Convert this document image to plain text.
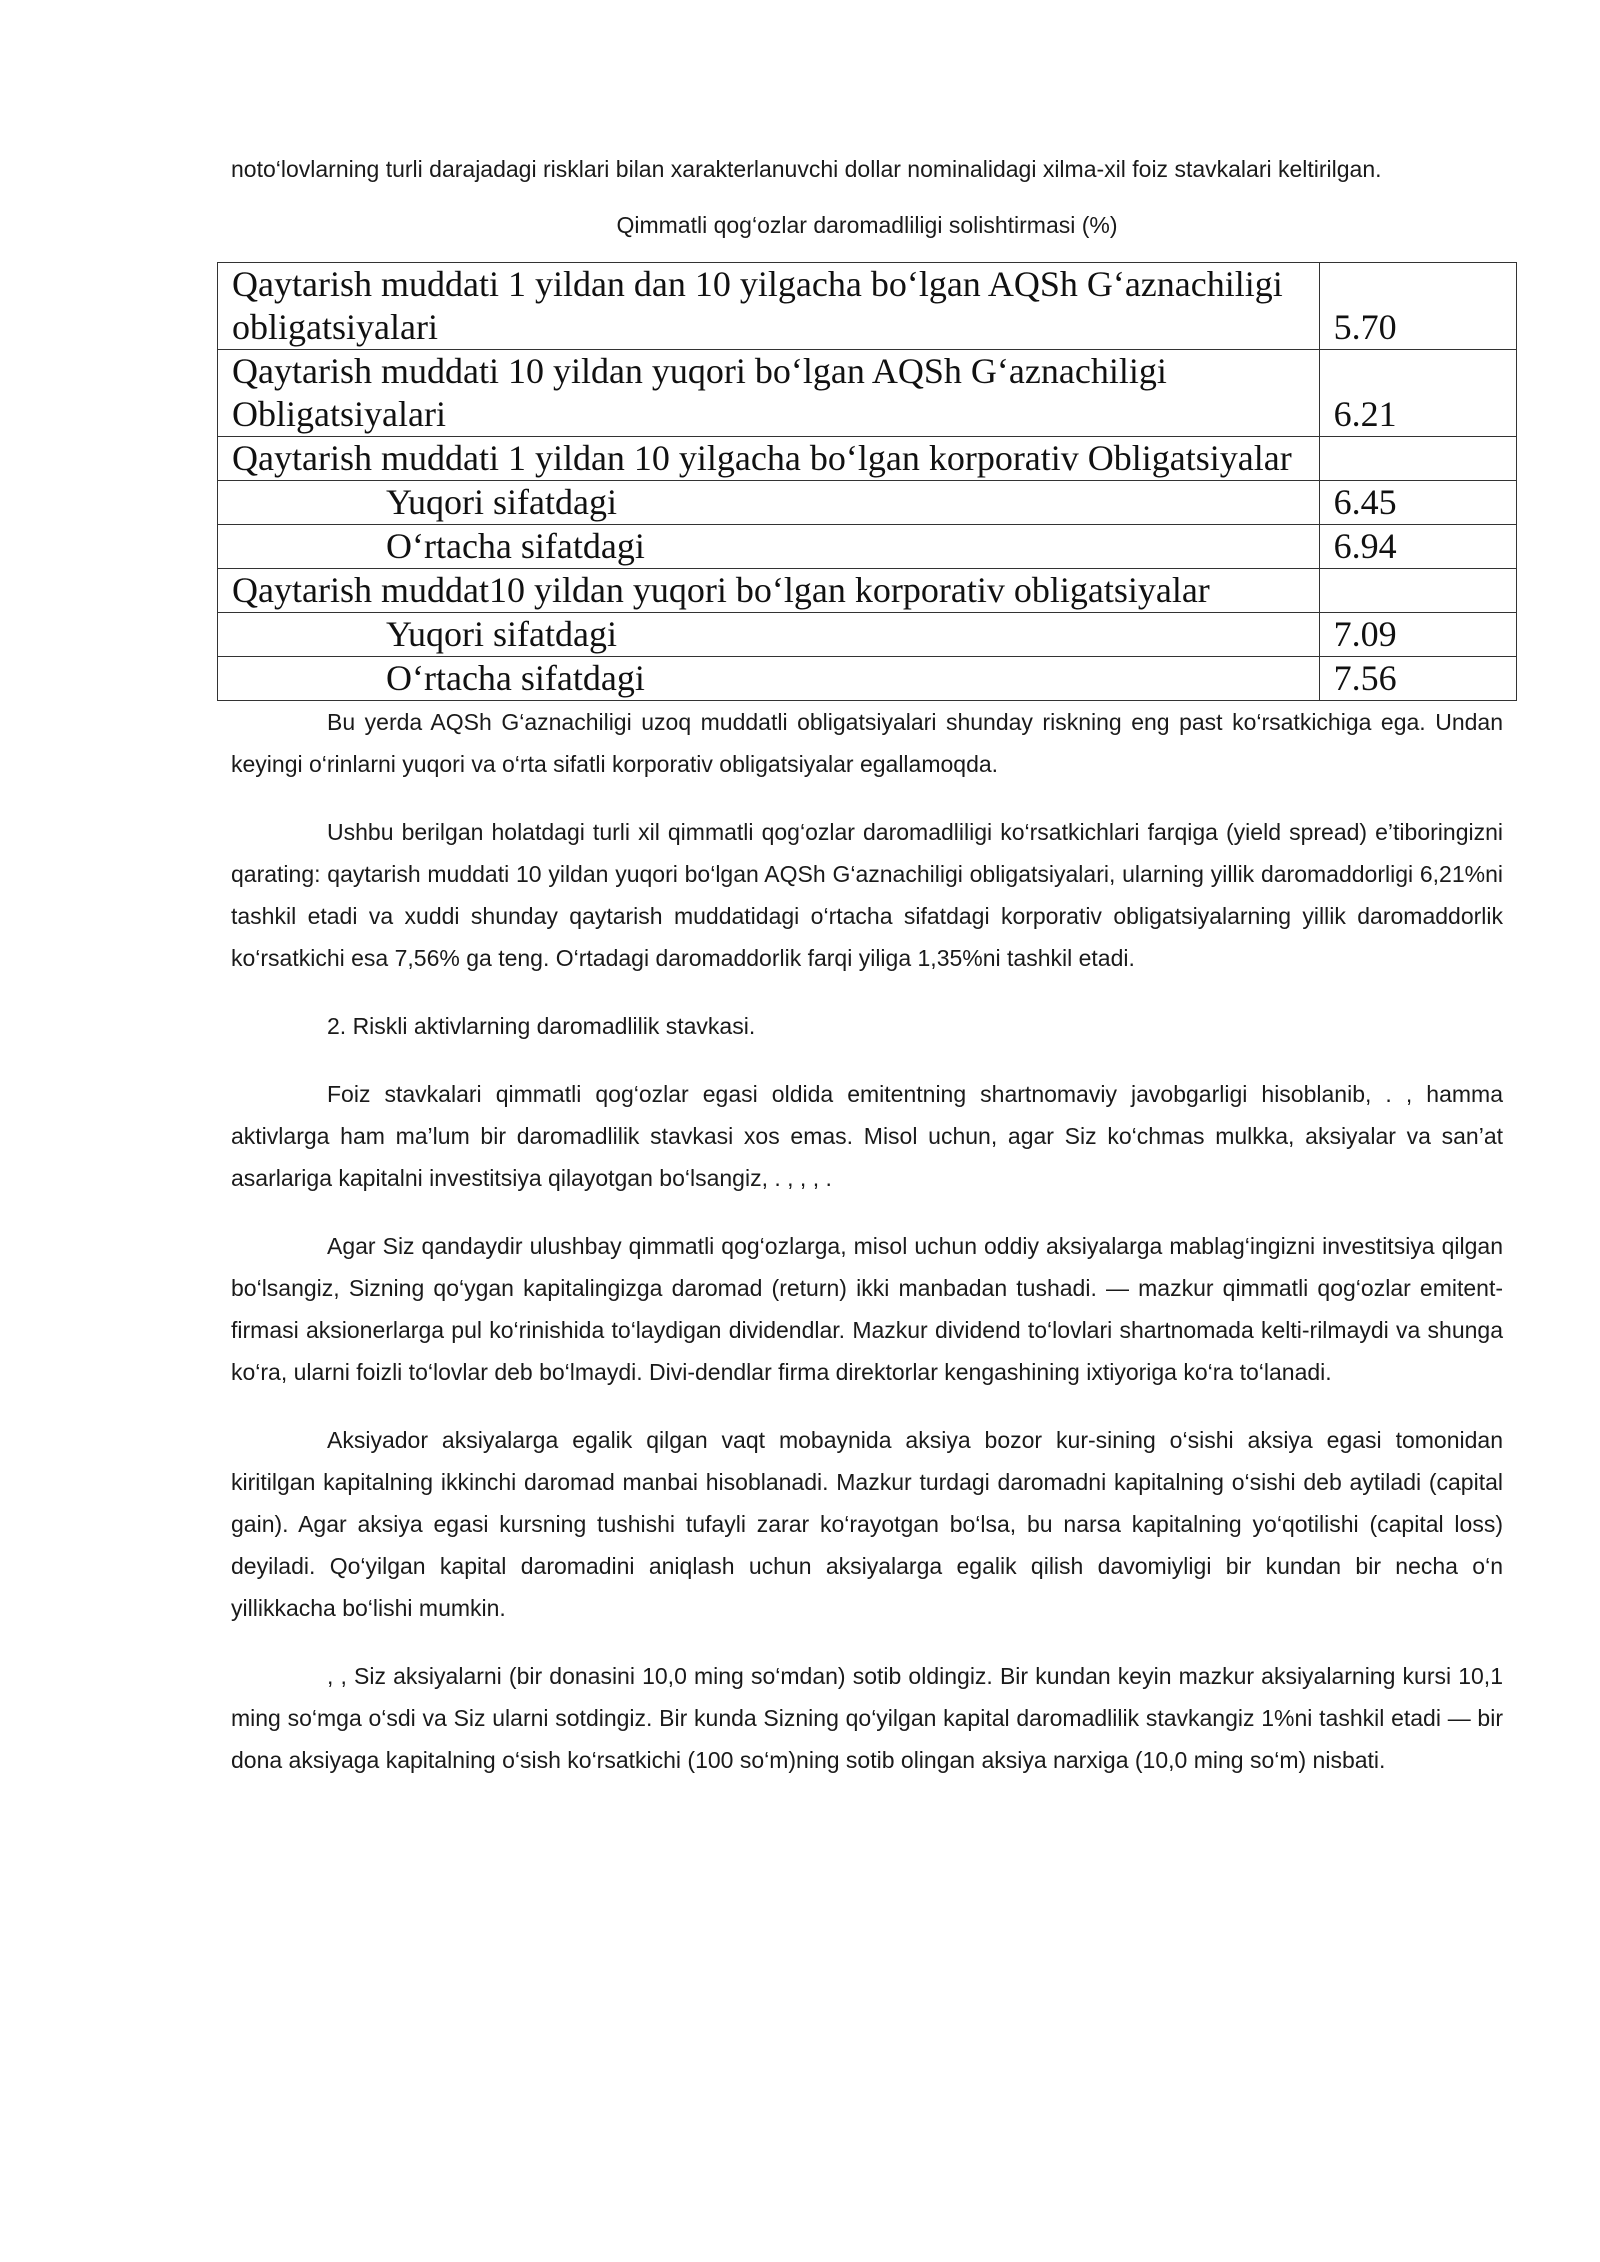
noto‘lovlarning turli darajadagi risklari bilan xarakterlanuvchi dollar nominalidagi xilma-xil foiz stavkalari keltirilgan.

Qimmatli qog‘ozlar daromadliligi solishtirmasi (%)

Qaytarish muddati 1 yildan dan 10 yilgacha bo‘lgan AQSh G‘aznachiligi obligatsiyalari	5.70
Qaytarish muddati 10 yildan yuqori bo‘lgan AQSh G‘aznachiligi Obligatsiyalari	6.21
Qaytarish muddati 1 yildan 10 yilgacha bo‘lgan korporativ Obligatsiyalar	
Yuqori sifatdagi	6.45
O‘rtacha sifatdagi	6.94
Qaytarish muddat10 yildan yuqori bo‘lgan korporativ obligatsiyalar	
Yuqori sifatdagi	7.09
O‘rtacha sifatdagi	7.56

Bu yerda AQSh G‘aznachiligi uzoq muddatli obligatsiyalari shunday riskning eng past ko‘rsatkichiga ega. Undan keyingi o‘rinlarni yuqori va o‘rta sifatli korporativ obligatsiyalar egallamoqda.

Ushbu berilgan holatdagi turli xil qimmatli qog‘ozlar daromadliligi ko‘rsatkichlari farqiga (yield spread) e’tiboringizni qarating: qaytarish muddati 10 yildan yuqori bo‘lgan AQSh G‘aznachiligi obligatsiyalari, ularning yillik daromaddorligi 6,21%ni tashkil etadi va xuddi shunday qaytarish muddatidagi o‘rtacha sifatdagi korporativ obligatsiyalarning yillik daromaddorlik ko‘rsatkichi esa 7,56% ga teng. O‘rtadagi daromaddorlik farqi yiliga 1,35%ni tashkil etadi.

2. Riskli aktivlarning daromadlilik stavkasi.

Foiz stavkalari qimmatli qog‘ozlar egasi oldida emitentning shartnomaviy javobgarligi hisoblanib, . , hamma aktivlarga ham ma’lum bir daromadlilik stavkasi xos emas. Misol uchun, agar Siz ko‘chmas mulkka, aksiyalar va san’at asarlariga kapitalni investitsiya qilayotgan bo‘lsangiz, . , , , .

Agar Siz qandaydir ulushbay qimmatli qog‘ozlarga, misol uchun oddiy aksiyalarga mablag‘ingizni investitsiya qilgan bo‘lsangiz, Sizning qo‘ygan kapitalingizga daromad (return) ikki manbadan tushadi. — mazkur qimmatli qog‘ozlar emitent-firmasi aksionerlarga pul ko‘rinishida to‘laydigan dividendlar. Mazkur dividend to‘lovlari shartnomada kelti-rilmaydi va shunga ko‘ra, ularni foizli to‘lovlar deb bo‘lmaydi. Divi-dendlar firma direktorlar kengashining ixtiyoriga ko‘ra to‘lanadi.

Aksiyador aksiyalarga egalik qilgan vaqt mobaynida aksiya bozor kur-sining o‘sishi aksiya egasi tomonidan kiritilgan kapitalning ikkinchi daromad manbai hisoblanadi. Mazkur turdagi daromadni kapitalning o‘sishi deb aytiladi (capital gain). Agar aksiya egasi kursning tushishi tufayli zarar ko‘rayotgan bo‘lsa, bu narsa kapitalning yo‘qotilishi (capital loss) deyiladi. Qo‘yilgan kapital daromadini aniqlash uchun aksiyalarga egalik qilish davomiyligi bir kundan bir necha o‘n yillikkacha bo‘lishi mumkin.

, , Siz aksiyalarni (bir donasini 10,0 ming so‘mdan) sotib oldingiz. Bir kundan keyin mazkur aksiyalarning kursi 10,1 ming so‘mga o‘sdi va Siz ularni sotdingiz. Bir kunda Sizning qo‘yilgan kapital daromadlilik stavkangiz 1%ni tashkil etadi — bir dona aksiyaga kapitalning o‘sish ko‘rsatkichi (100 so‘m)ning sotib olingan aksiya narxiga (10,0 ming so‘m) nisbati.
